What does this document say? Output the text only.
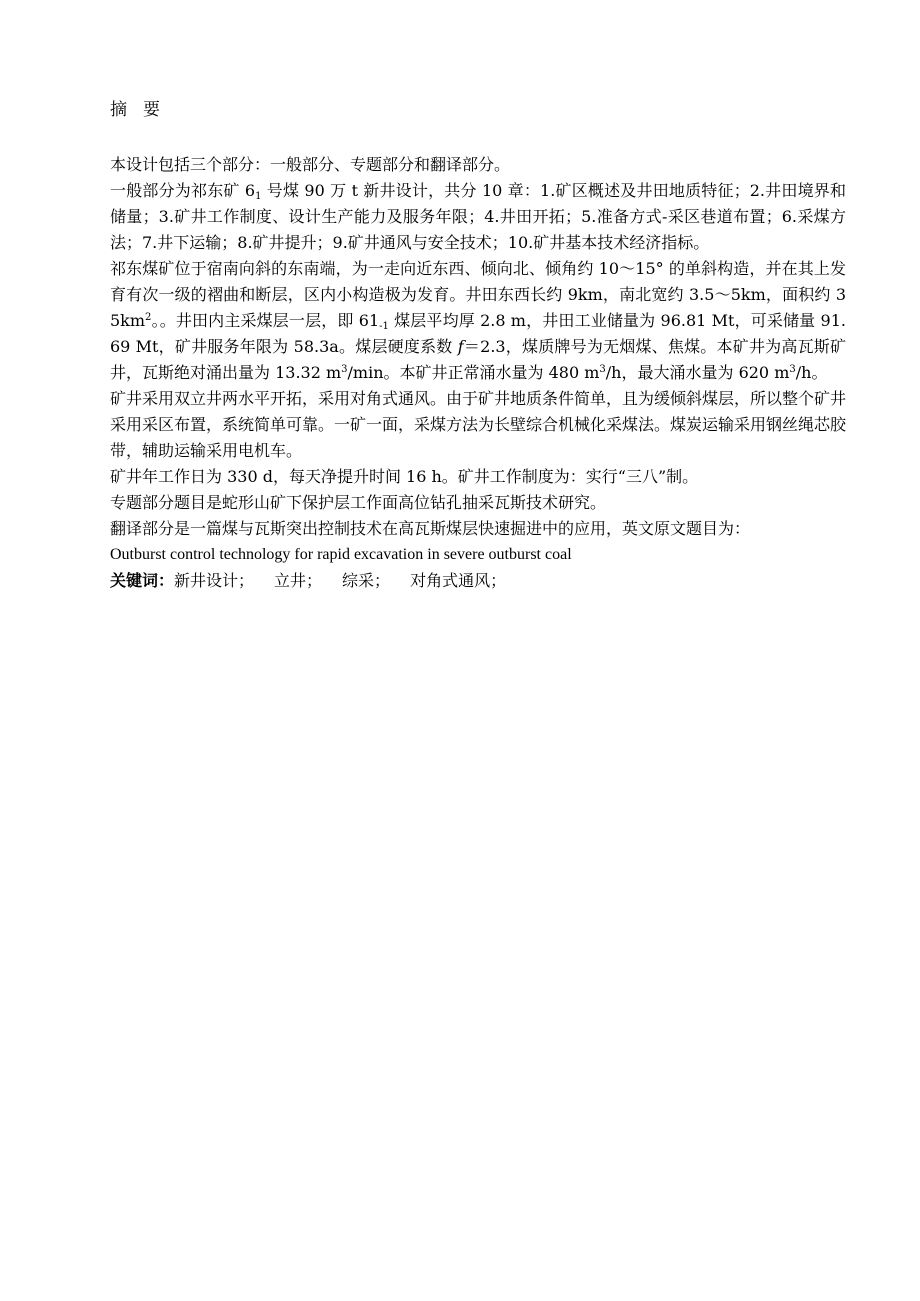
摘要

本设计包括三个部分：一般部分、专题部分和翻译部分。

一般部分为祁东矿 $6_1$ 号煤 90 万 t 新井设计，共分 10 章：1.矿区概述及井田地质特征；2.井田境界和储量；3.矿井工作制度、设计生产能力及服务年限；4.井田开拓；5.准备方式-采区巷道布置；6.采煤方法；7.井下运输；8.矿井提升；9.矿井通风与安全技术；10.矿井基本技术经济指标。

祁东煤矿位于宿南向斜的东南端，为一走向近东西、倾向北、倾角约 10～15° 的单斜构造，并在其上发育有次一级的褶曲和断层，区内小构造极为发育。井田东西长约 9km，南北宽约 3.5～5km，面积约 $35km^2$。。井田内主采煤层一层，即 $61_{-1}$ 煤层平均厚 2.8 m，井田工业储量为 96.81 Mt，可采储量 91.69 Mt，矿井服务年限为 58.3a。煤层硬度系数 f＝2.3，煤质牌号为无烟煤、焦煤。本矿井为高瓦斯矿井，瓦斯绝对涌出量为 13.32 $m^3/\min$。本矿井正常涌水量为 480 $m^3/h$，最大涌水量为 620 $m^3/h$。

矿井采用双立井两水平开拓，采用对角式通风。由于矿井地质条件简单，且为缓倾斜煤层，所以整个矿井采用采区布置，系统简单可靠。一矿一面，采煤方法为长壁综合机械化采煤法。煤炭运输采用钢丝绳芯胶带，辅助运输采用电机车。

矿井年工作日为 330 d，每天净提升时间 16 h。矿井工作制度为：实行“三八”制。

专题部分题目是蛇形山矿下保护层工作面高位钻孔抽采瓦斯技术研究。

翻译部分是一篇煤与瓦斯突出控制技术在高瓦斯煤层快速掘进中的应用，英文原文题目为：

Outburst control technology for rapid excavation in severe outburst coal

关键词：新井设计； 立井； 综采； 对角式通风；
